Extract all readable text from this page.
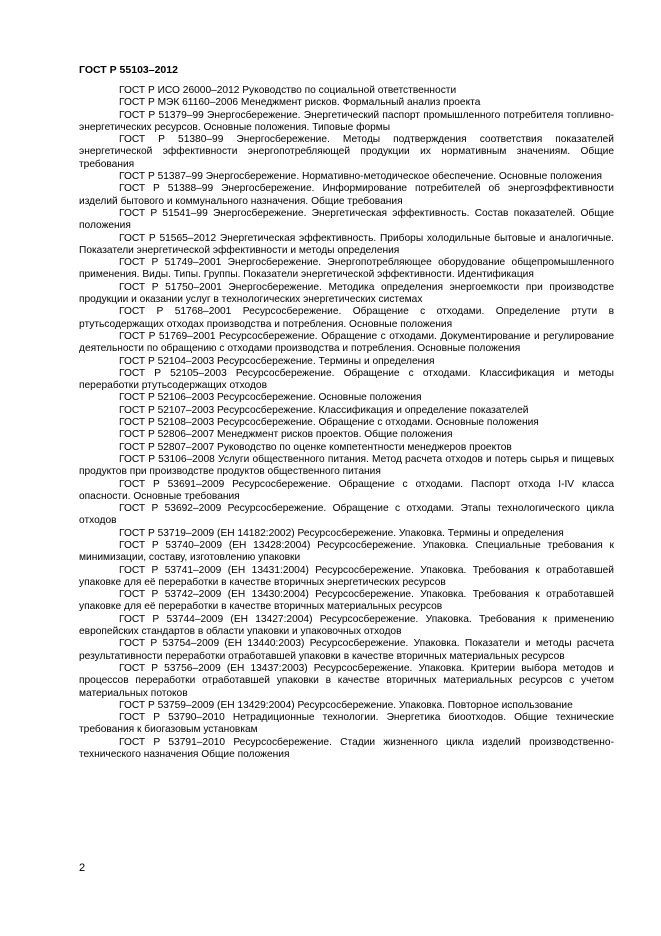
ГОСТ Р 55103–2012

ГОСТ Р ИСО 26000–2012 Руководство по социальной ответственности

ГОСТ Р МЭК 61160–2006 Менеджмент рисков. Формальный анализ проекта

ГОСТ Р 51379–99 Энергосбережение. Энергетический паспорт промышленного потребителя топливно-энергетических ресурсов. Основные положения. Типовые формы

ГОСТ Р 51380–99 Энергосбережение. Методы подтверждения соответствия показателей энергетической эффективности энергопотребляющей продукции их нормативным значениям. Общие требования

ГОСТ Р 51387–99 Энергосбережение. Нормативно-методическое обеспечение. Основные положения

ГОСТ Р 51388–99 Энергосбережение. Информирование потребителей об энергоэффективности изделий бытового и коммунального назначения. Общие требования

ГОСТ Р 51541–99 Энергосбережение. Энергетическая эффективность. Состав показателей. Общие положения

ГОСТ Р 51565–2012 Энергетическая эффективность. Приборы холодильные бытовые и аналогичные. Показатели энергетической эффективности и методы определения

ГОСТ Р 51749–2001 Энергосбережение. Энергопотребляющее оборудование общепромышленного применения. Виды. Типы. Группы. Показатели энергетической эффективности. Идентификация

ГОСТ Р 51750–2001 Энергосбережение. Методика определения энергоемкости при производстве продукции и оказании услуг в технологических энергетических системах

ГОСТ Р 51768–2001 Ресурсосбережение. Обращение с отходами. Определение ртути в ртутьсодержащих отходах производства и потребления. Основные положения

ГОСТ Р 51769–2001 Ресурсосбережение. Обращение с отходами. Документирование и регулирование деятельности по обращению с отходами производства и потребления. Основные положения

ГОСТ Р 52104–2003 Ресурсосбережение. Термины и определения

ГОСТ Р 52105–2003 Ресурсосбережение. Обращение с отходами. Классификация и методы переработки ртутьсодержащих отходов

ГОСТ Р 52106–2003 Ресурсосбережение. Основные положения

ГОСТ Р 52107–2003 Ресурсосбережение. Классификация и определение показателей

ГОСТ Р 52108–2003 Ресурсосбережение. Обращение с отходами. Основные положения

ГОСТ Р 52806–2007 Менеджмент рисков проектов. Общие положения

ГОСТ Р 52807–2007 Руководство по оценке компетентности менеджеров проектов

ГОСТ Р 53106–2008 Услуги общественного питания. Метод расчета отходов и потерь сырья и пищевых продуктов при производстве продуктов общественного питания

ГОСТ Р 53691–2009 Ресурсосбережение. Обращение с отходами. Паспорт отхода I-IV класса опасности. Основные требования

ГОСТ Р 53692–2009 Ресурсосбережение. Обращение с отходами. Этапы технологического цикла отходов

ГОСТ Р 53719–2009 (ЕН 14182:2002) Ресурсосбережение. Упаковка. Термины и определения

ГОСТ Р 53740–2009 (ЕН 13428:2004) Ресурсосбережение. Упаковка. Специальные требования к минимизации, составу, изготовлению упаковки

ГОСТ Р 53741–2009 (ЕН 13431:2004) Ресурсосбережение. Упаковка. Требования к отработавшей упаковке для её переработки в качестве вторичных энергетических ресурсов

ГОСТ Р 53742–2009 (ЕН 13430:2004) Ресурсосбережение. Упаковка. Требования к отработавшей упаковке для её переработки в качестве вторичных материальных ресурсов

ГОСТ Р 53744–2009 (ЕН 13427:2004) Ресурсосбережение. Упаковка. Требования к применению европейских стандартов в области упаковки и упаковочных отходов

ГОСТ Р 53754–2009 (ЕН 13440:2003) Ресурсосбережение. Упаковка. Показатели и методы расчета результативности переработки отработавшей упаковки в качестве вторичных материальных ресурсов

ГОСТ Р 53756–2009 (ЕН 13437:2003) Ресурсосбережение. Упаковка. Критерии выбора методов и процессов переработки отработавшей упаковки в качестве вторичных материальных ресурсов с учетом материальных потоков

ГОСТ Р 53759–2009 (ЕН 13429:2004) Ресурсосбережение. Упаковка. Повторное использование

ГОСТ Р 53790–2010 Нетрадиционные технологии. Энергетика биоотходов. Общие технические требования к биогазовым установкам

ГОСТ Р 53791–2010 Ресурсосбережение. Стадии жизненного цикла изделий производственно-технического назначения Общие положения

2
